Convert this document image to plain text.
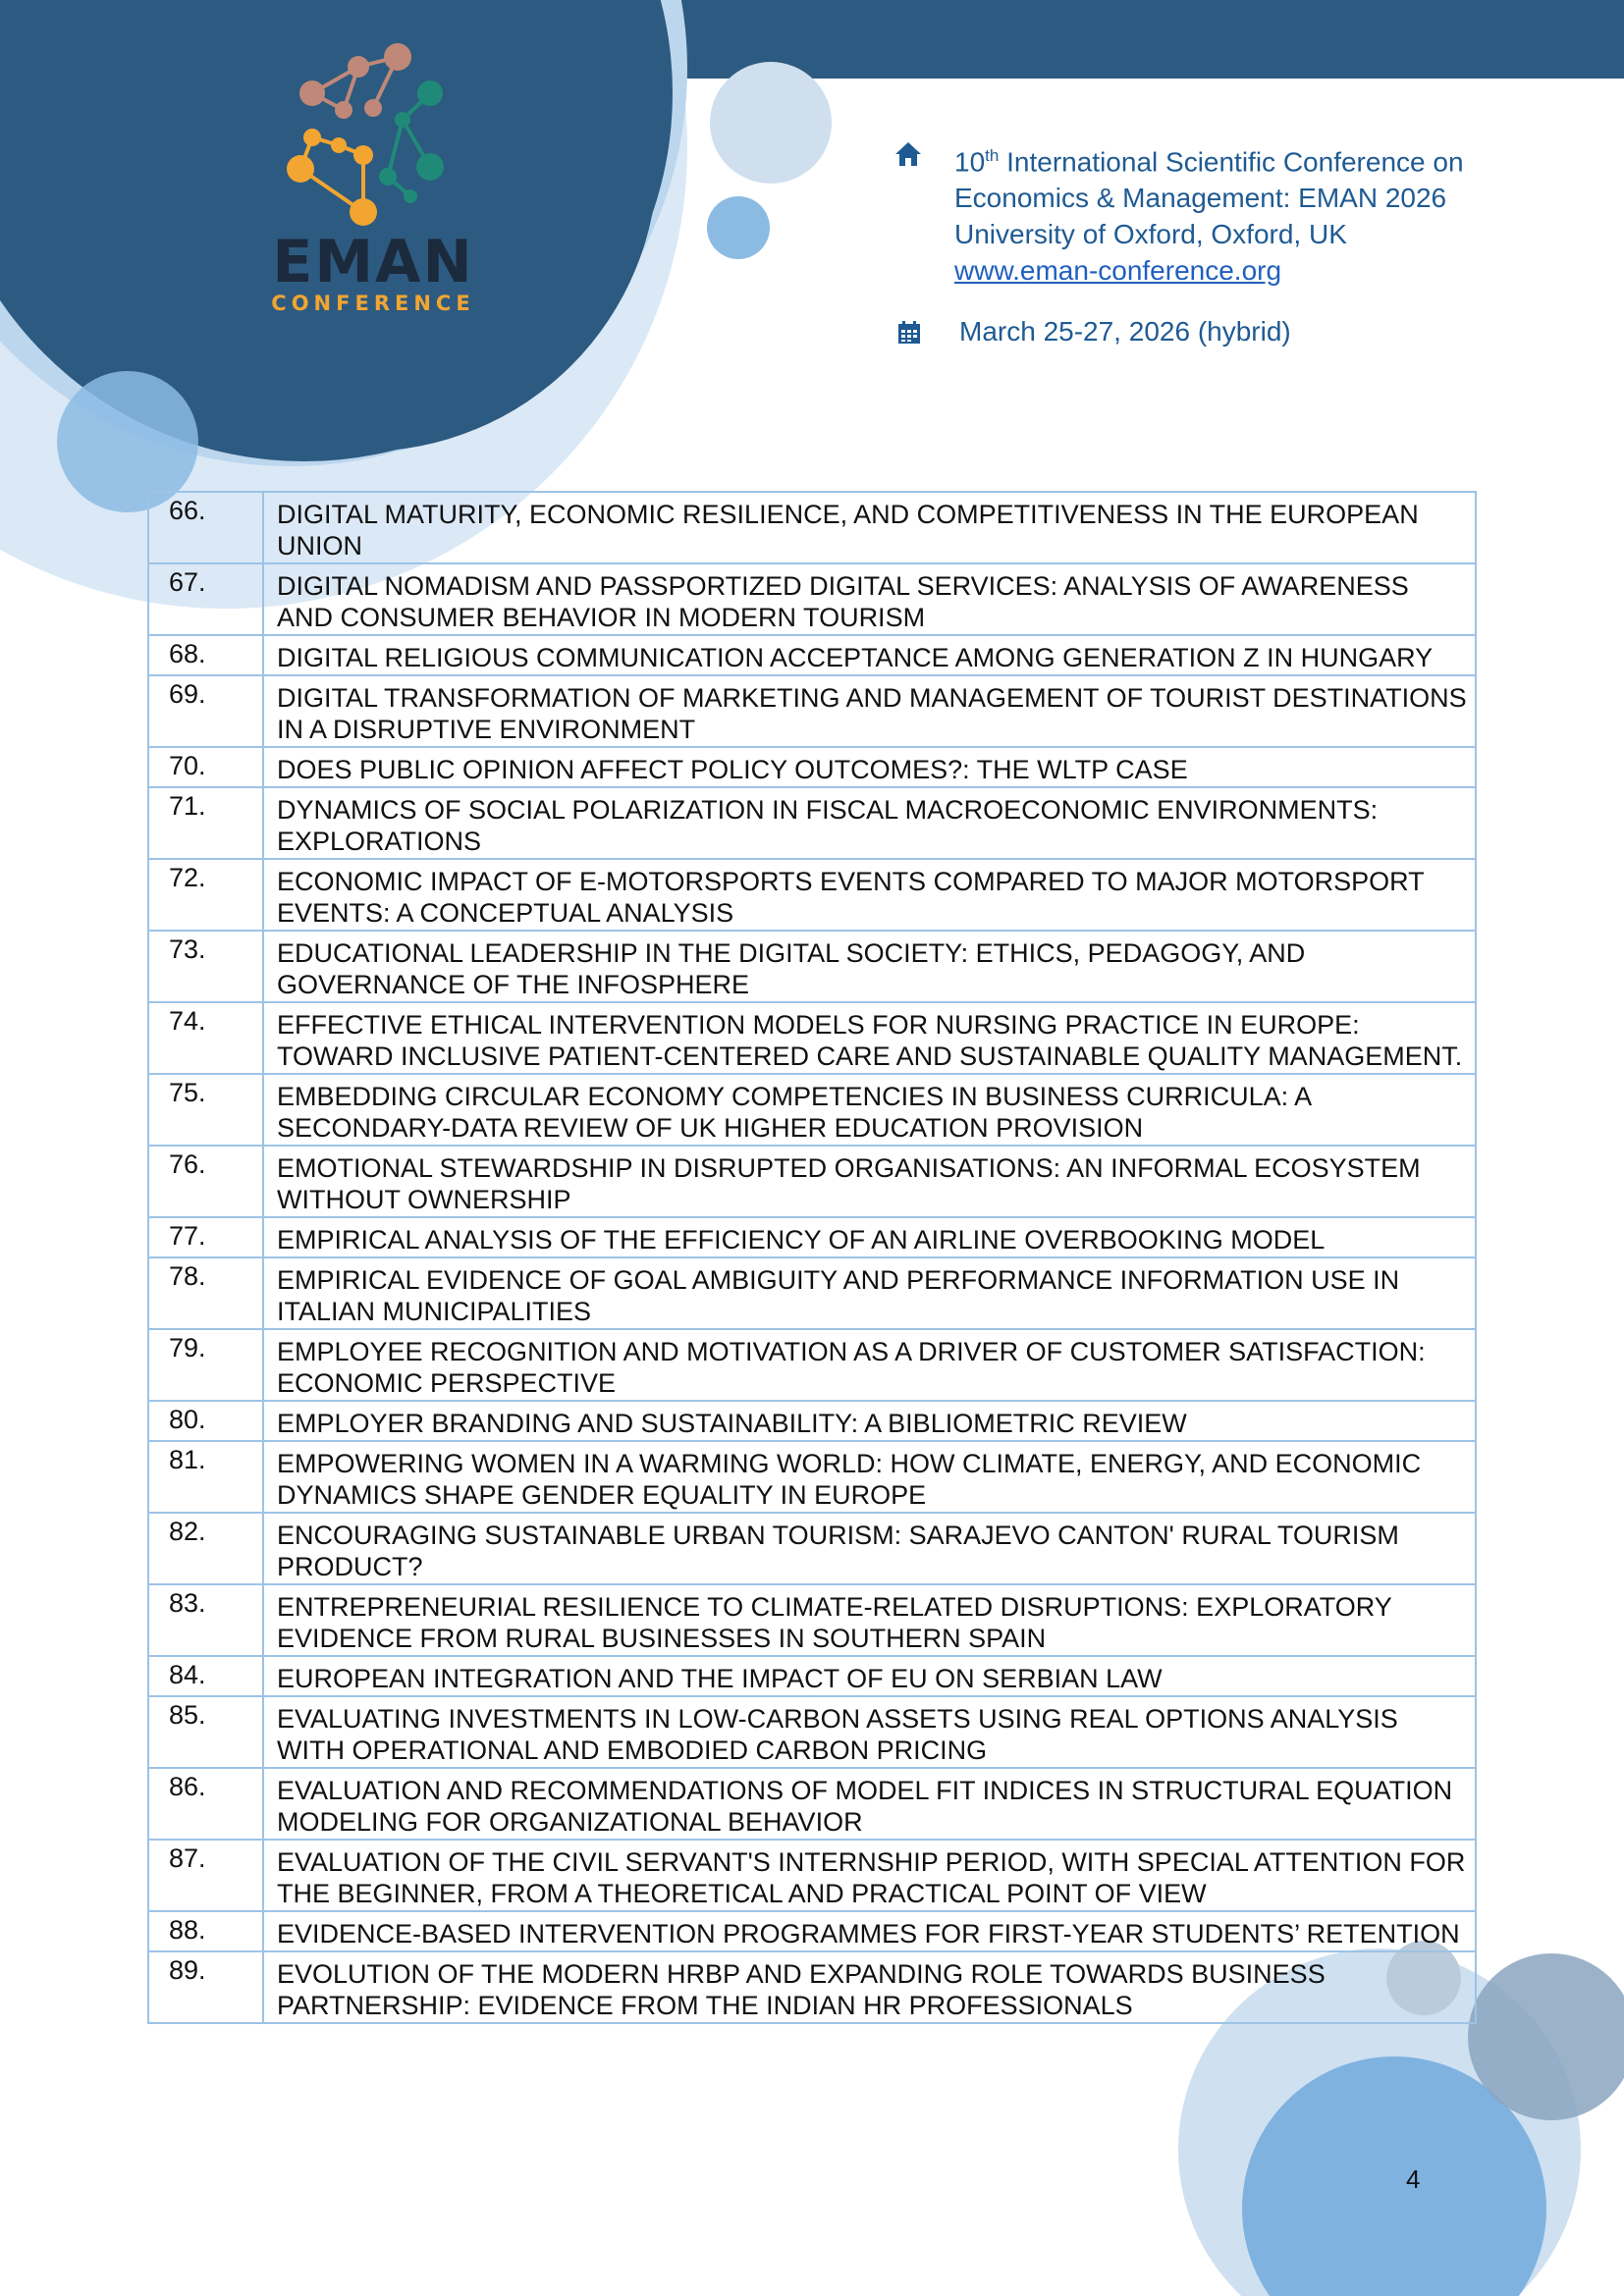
EMAN
CONFERENCE
10th International Scientific Conference on
Economics & Management: EMAN 2026
University of Oxford, Oxford, UK
www.eman-conference.org
March 25-27, 2026 (hybrid)
66.	DIGITAL MATURITY, ECONOMIC RESILIENCE, AND COMPETITIVENESS IN THE EUROPEAN UNION
67.	DIGITAL NOMADISM AND PASSPORTIZED DIGITAL SERVICES: ANALYSIS OF AWARENESS AND CONSUMER BEHAVIOR IN MODERN TOURISM
68.	DIGITAL RELIGIOUS COMMUNICATION ACCEPTANCE AMONG GENERATION Z IN HUNGARY
69.	DIGITAL TRANSFORMATION OF MARKETING AND MANAGEMENT OF TOURIST DESTINATIONS IN A DISRUPTIVE ENVIRONMENT
70.	DOES PUBLIC OPINION AFFECT POLICY OUTCOMES?: THE WLTP CASE
71.	DYNAMICS OF SOCIAL POLARIZATION IN FISCAL MACROECONOMIC ENVIRONMENTS: EXPLORATIONS
72.	ECONOMIC IMPACT OF E-MOTORSPORTS EVENTS COMPARED TO MAJOR MOTORSPORT EVENTS: A CONCEPTUAL ANALYSIS
73.	EDUCATIONAL LEADERSHIP IN THE DIGITAL SOCIETY: ETHICS, PEDAGOGY, AND GOVERNANCE OF THE INFOSPHERE
74.	EFFECTIVE ETHICAL INTERVENTION MODELS FOR NURSING PRACTICE IN EUROPE: TOWARD INCLUSIVE PATIENT-CENTERED CARE AND SUSTAINABLE QUALITY MANAGEMENT.
75.	EMBEDDING CIRCULAR ECONOMY COMPETENCIES IN BUSINESS CURRICULA: A SECONDARY-DATA REVIEW OF UK HIGHER EDUCATION PROVISION
76.	EMOTIONAL STEWARDSHIP IN DISRUPTED ORGANISATIONS: AN INFORMAL ECOSYSTEM WITHOUT OWNERSHIP
77.	EMPIRICAL ANALYSIS OF THE EFFICIENCY OF AN AIRLINE OVERBOOKING MODEL
78.	EMPIRICAL EVIDENCE OF GOAL AMBIGUITY AND PERFORMANCE INFORMATION USE IN ITALIAN MUNICIPALITIES
79.	EMPLOYEE RECOGNITION AND MOTIVATION AS A DRIVER OF CUSTOMER SATISFACTION: ECONOMIC PERSPECTIVE
80.	EMPLOYER BRANDING AND SUSTAINABILITY: A BIBLIOMETRIC REVIEW
81.	EMPOWERING WOMEN IN A WARMING WORLD: HOW CLIMATE, ENERGY, AND ECONOMIC DYNAMICS SHAPE GENDER EQUALITY IN EUROPE
82.	ENCOURAGING SUSTAINABLE URBAN TOURISM: SARAJEVO CANTON' RURAL TOURISM PRODUCT?
83.	ENTREPRENEURIAL RESILIENCE TO CLIMATE-RELATED DISRUPTIONS: EXPLORATORY EVIDENCE FROM RURAL BUSINESSES IN SOUTHERN SPAIN
84.	EUROPEAN INTEGRATION AND THE IMPACT OF EU ON SERBIAN LAW
85.	EVALUATING INVESTMENTS IN LOW-CARBON ASSETS USING REAL OPTIONS ANALYSIS WITH OPERATIONAL AND EMBODIED CARBON PRICING
86.	EVALUATION AND RECOMMENDATIONS OF MODEL FIT INDICES IN STRUCTURAL EQUATION MODELING FOR ORGANIZATIONAL BEHAVIOR
87.	EVALUATION OF THE CIVIL SERVANT'S INTERNSHIP PERIOD, WITH SPECIAL ATTENTION FOR THE BEGINNER, FROM A THEORETICAL AND PRACTICAL POINT OF VIEW
88.	EVIDENCE-BASED INTERVENTION PROGRAMMES FOR FIRST-YEAR STUDENTS’ RETENTION
89.	EVOLUTION OF THE MODERN HRBP AND EXPANDING ROLE TOWARDS BUSINESS PARTNERSHIP: EVIDENCE FROM THE INDIAN HR PROFESSIONALS
4
